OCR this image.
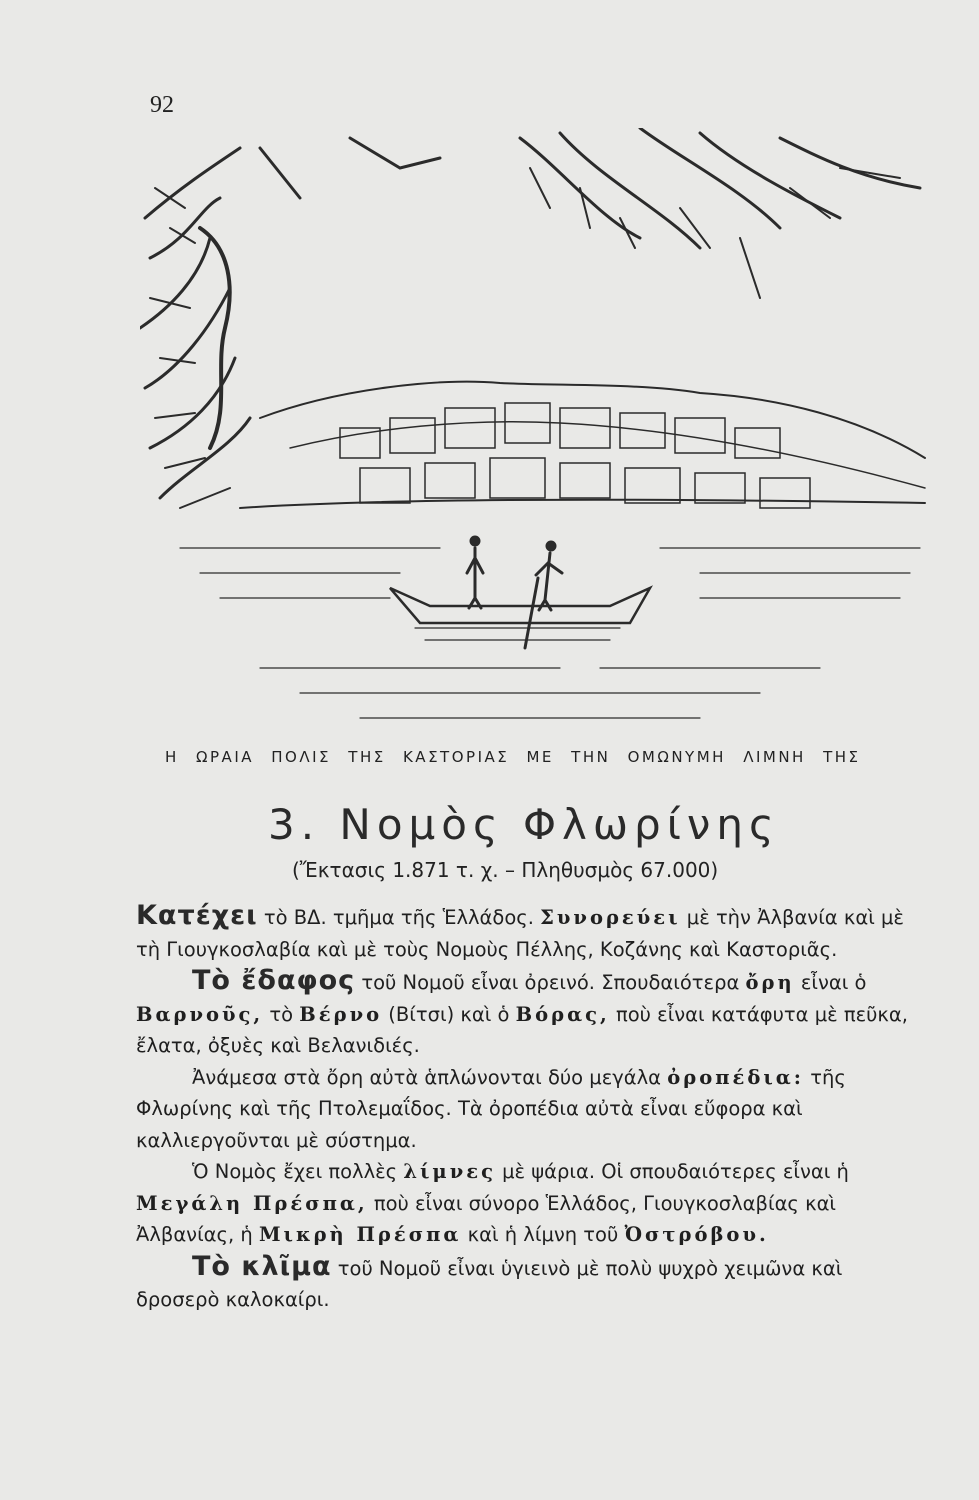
92
Η ΩΡΑΙΑ ΠΟΛΙΣ ΤΗΣ ΚΑΣΤΟΡΙΑΣ ΜΕ ΤΗΝ ΟΜΩΝΥΜΗ ΛΙΜΝΗ ΤΗΣ
3. Νομὸς Φλωρίνης
(Ἔκτασις 1.871 τ. χ. – Πληθυσμὸς 67.000)

Κατέχει τὸ ΒΔ. τμῆμα τῆς Ἑλλάδος. Συνορεύει μὲ τὴν Ἀλβανία καὶ μὲ τὴ Γιουγκοσλαβία καὶ μὲ τοὺς Νομοὺς Πέλλης, Κοζάνης καὶ Καστοριᾶς.

Τὸ ἔδαφος τοῦ Νομοῦ εἶναι ὀρεινό. Σπουδαιότερα ὄρη εἶναι ὁ Βαρνοῦς, τὸ Βέρνο (Βίτσι) καὶ ὁ Βόρας, ποὺ εἶναι κατάφυτα μὲ πεῦκα, ἔλατα, ὀξυὲς καὶ Βελανιδιές.

Ἀνάμεσα στὰ ὄρη αὐτὰ ἁπλώνονται δύο μεγάλα ὀροπέδια: τῆς Φλωρίνης καὶ τῆς Πτολεμαΐδος. Τὰ ὀροπέδια αὐτὰ εἶναι εὔφορα καὶ καλλιεργοῦνται μὲ σύστημα.

Ὁ Νομὸς ἔχει πολλὲς λίμνες μὲ ψάρια. Οἱ σπουδαιότερες εἶναι ἡ Μεγάλη Πρέσπα, ποὺ εἶναι σύνορο Ἑλλάδος, Γιουγκοσλαβίας καὶ Ἀλβανίας, ἡ Μικρὴ Πρέσπα καὶ ἡ λίμνη τοῦ Ὀστρόβου.

Τὸ κλῖμα τοῦ Νομοῦ εἶναι ὑγιεινὸ μὲ πολὺ ψυχρὸ χειμῶνα καὶ δροσερὸ καλοκαίρι.
